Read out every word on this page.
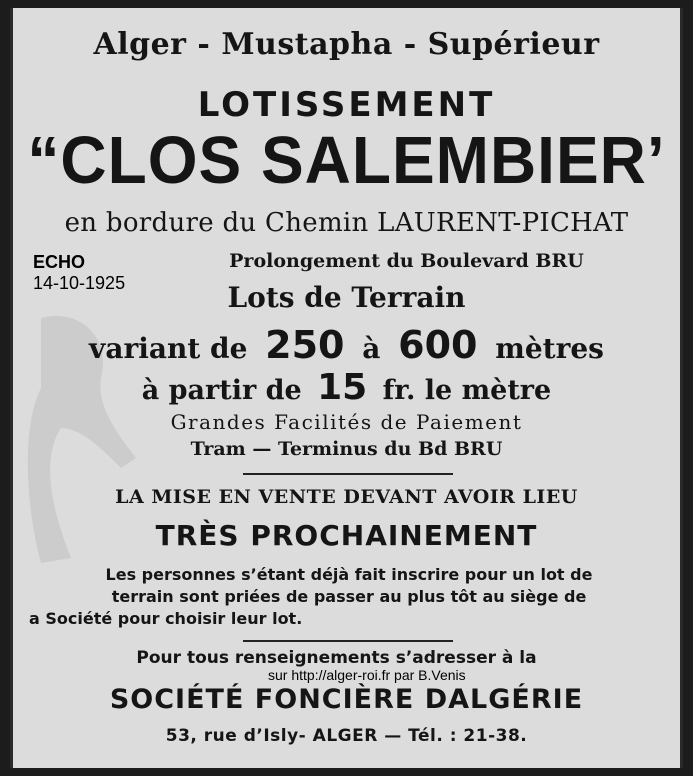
Alger - Mustapha - Supérieur
LOTISSEMENT
“CLOS SALEMBIER’
en bordure du Chemin LAURENT-PICHAT
Prolongement du Boulevard BRU
Lots de Terrain
variant de 250 à 600 mètres
à partir de 15 fr. le mètre
Grandes Facilités de Paiement
Tram — Terminus du Bd BRU
LA MISE EN VENTE DEVANT AVOIR LIEU
TRÈS PROCHAINEMENT
Les personnes s’étant déjà fait inscrire pour un lot de
terrain sont priées de passer au plus tôt au siège de
a Société pour choisir leur lot.
Pour tous renseignements s’adresser à la
SOCIÉTÉ FONCIÈRE DALGÉRIE
53, rue d’Isly- ALGER — Tél. : 21-38.
ECHO
14-10-1925
sur http://alger-roi.fr par B.Venis
